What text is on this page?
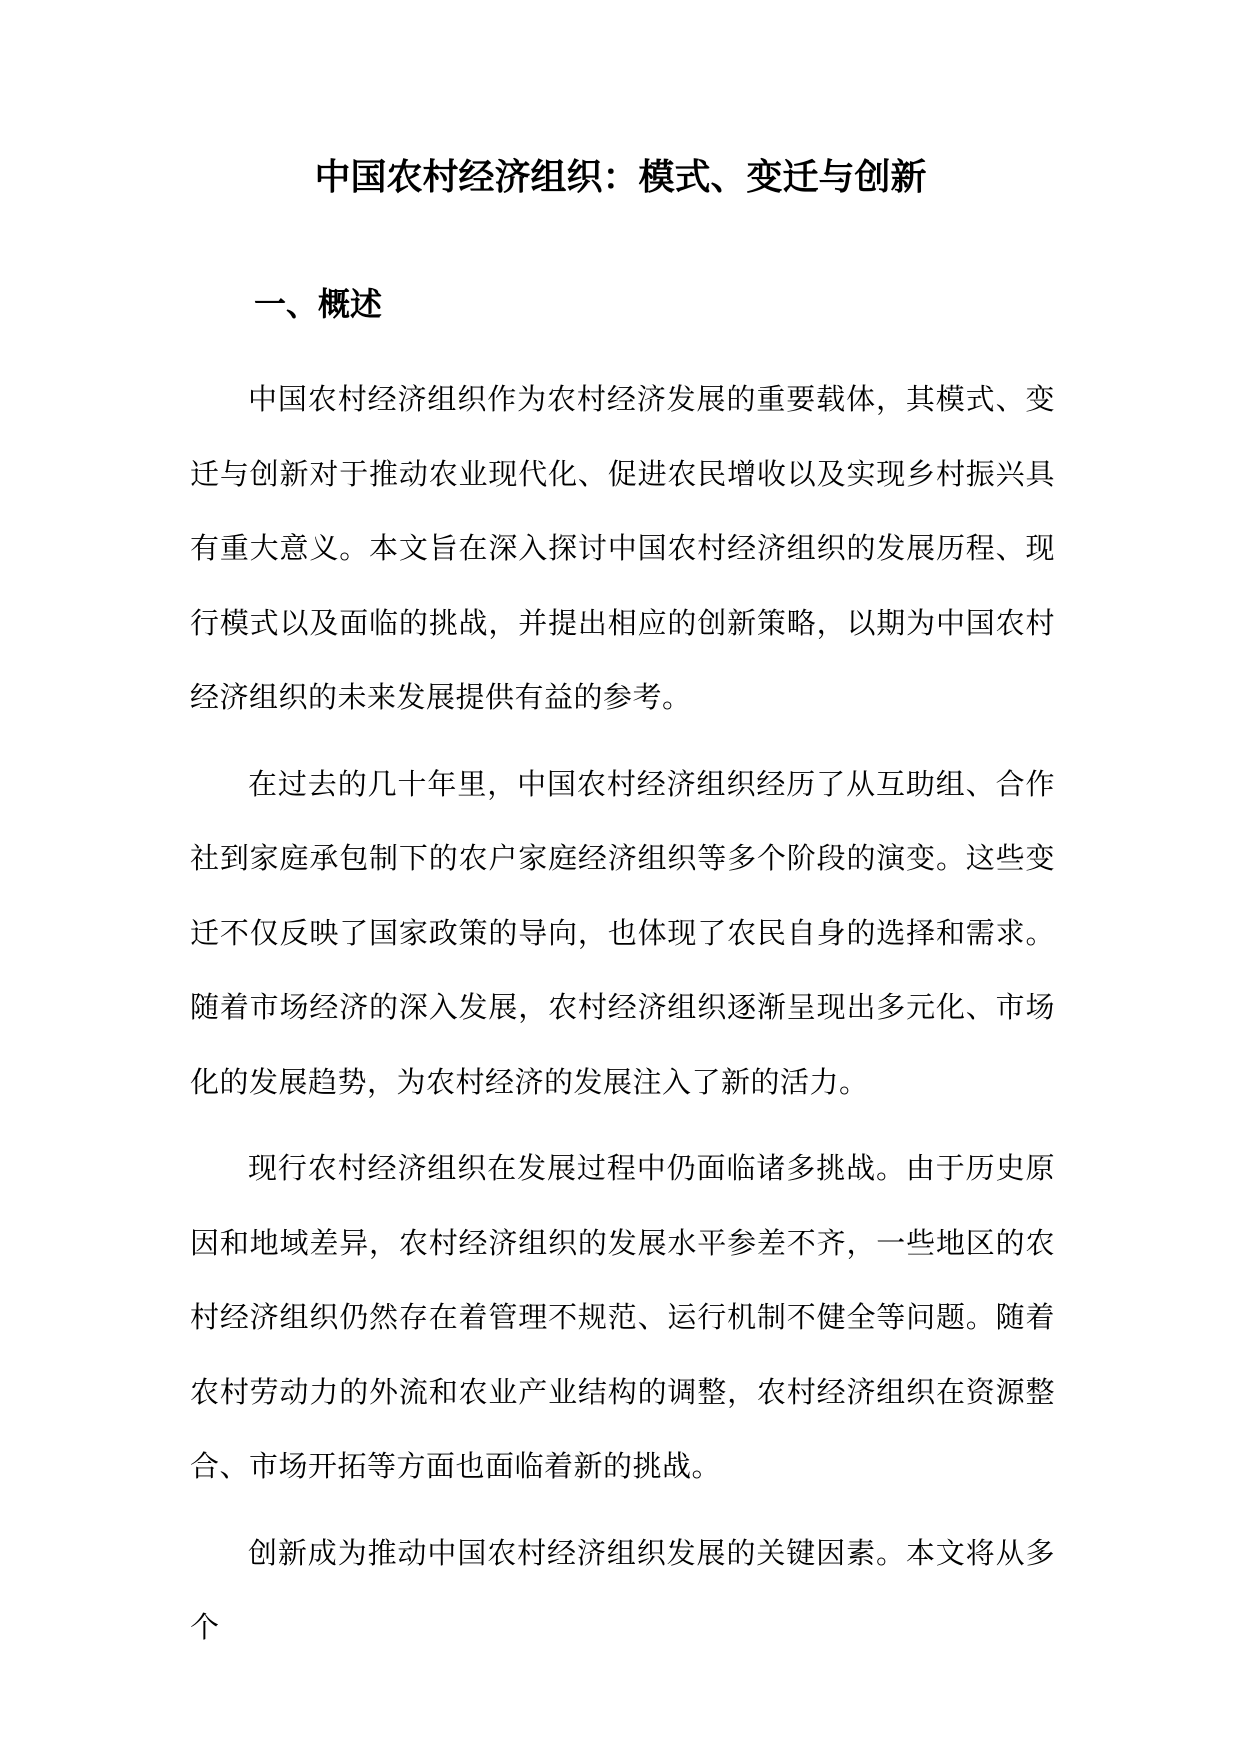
中国农村经济组织：模式、变迁与创新
一、概述

中国农村经济组织作为农村经济发展的重要载体，其模式、变迁与创新对于推动农业现代化、促进农民增收以及实现乡村振兴具有重大意义。本文旨在深入探讨中国农村经济组织的发展历程、现行模式以及面临的挑战，并提出相应的创新策略，以期为中国农村经济组织的未来发展提供有益的参考。

在过去的几十年里，中国农村经济组织经历了从互助组、合作社到家庭承包制下的农户家庭经济组织等多个阶段的演变。这些变迁不仅反映了国家政策的导向，也体现了农民自身的选择和需求。随着市场经济的深入发展，农村经济组织逐渐呈现出多元化、市场化的发展趋势，为农村经济的发展注入了新的活力。

现行农村经济组织在发展过程中仍面临诸多挑战。由于历史原因和地域差异，农村经济组织的发展水平参差不齐，一些地区的农村经济组织仍然存在着管理不规范、运行机制不健全等问题。随着农村劳动力的外流和农业产业结构的调整，农村经济组织在资源整合、市场开拓等方面也面临着新的挑战。

创新成为推动中国农村经济组织发展的关键因素。本文将从多个
